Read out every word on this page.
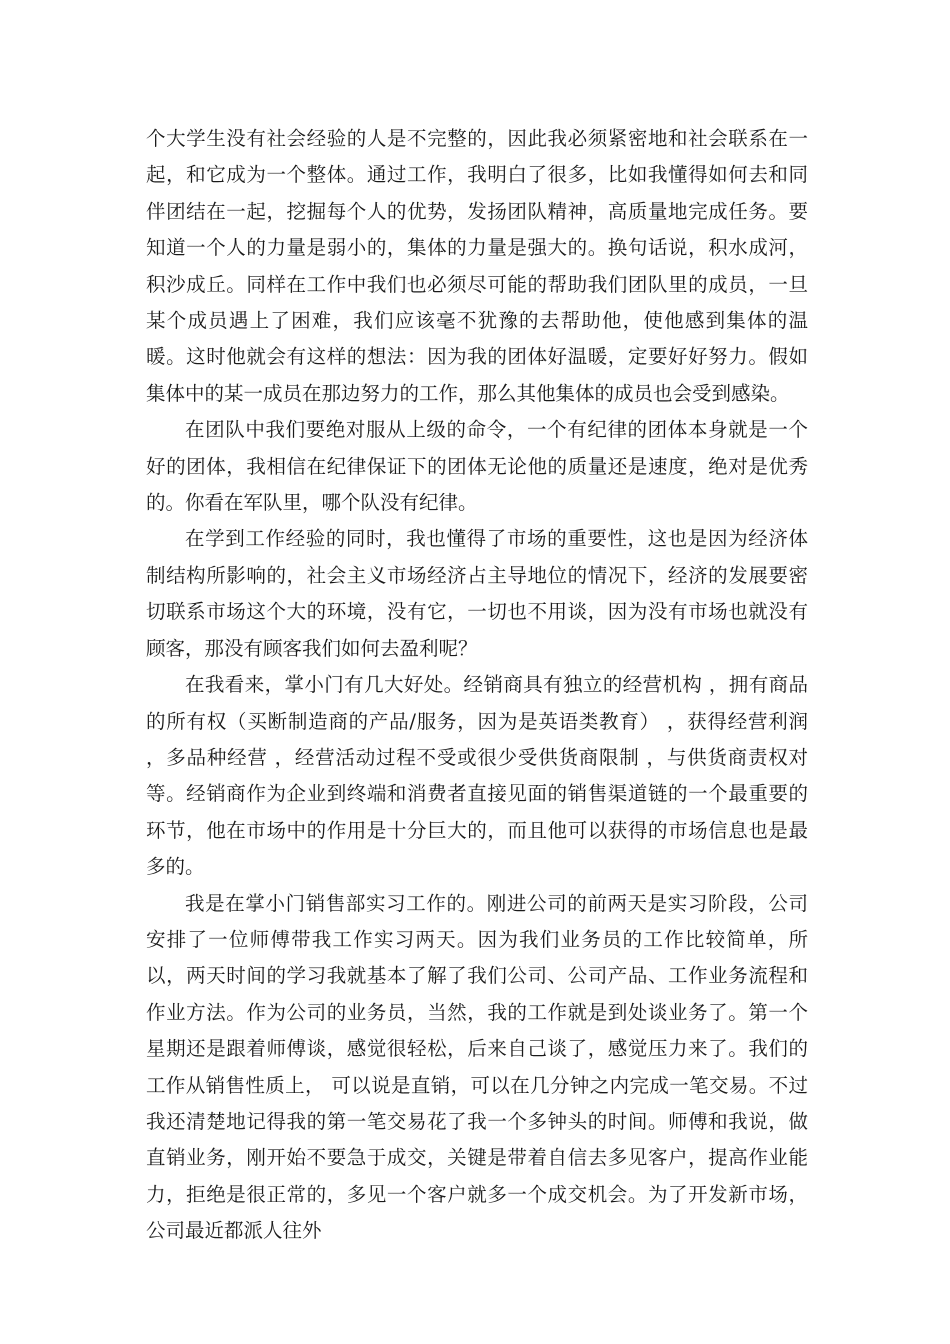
个大学生没有社会经验的人是不完整的，因此我必须紧密地和社会联系在一起，和它成为一个整体。通过工作，我明白了很多，比如我懂得如何去和同伴团结在一起，挖掘每个人的优势，发扬团队精神，高质量地完成任务。要知道一个人的力量是弱小的，集体的力量是强大的。换句话说，积水成河，积沙成丘。同样在工作中我们也必须尽可能的帮助我们团队里的成员，一旦某个成员遇上了困难，我们应该毫不犹豫的去帮助他，使他感到集体的温暖。这时他就会有这样的想法：因为我的团体好温暖，定要好好努力。假如集体中的某一成员在那边努力的工作，那么其他集体的成员也会受到感染。

在团队中我们要绝对服从上级的命令，一个有纪律的团体本身就是一个好的团体，我相信在纪律保证下的团体无论他的质量还是速度，绝对是优秀的。你看在军队里，哪个队没有纪律。

在学到工作经验的同时，我也懂得了市场的重要性，这也是因为经济体制结构所影响的，社会主义市场经济占主导地位的情况下，经济的发展要密切联系市场这个大的环境，没有它，一切也不用谈，因为没有市场也就没有顾客，那没有顾客我们如何去盈利呢？

在我看来，掌小门有几大好处。经销商具有独立的经营机构 ，拥有商品的所有权（买断制造商的产品/服务，因为是英语类教育） ，获得经营利润 ，多品种经营 ，经营活动过程不受或很少受供货商限制 ，与供货商责权对等。经销商作为企业到终端和消费者直接见面的销售渠道链的一个最重要的环节，他在市场中的作用是十分巨大的，而且他可以获得的市场信息也是最多的。

我是在掌小门销售部实习工作的。刚进公司的前两天是实习阶段，公司安排了一位师傅带我工作实习两天。因为我们业务员的工作比较简单，所以，两天时间的学习我就基本了解了我们公司、公司产品、工作业务流程和作业方法。作为公司的业务员，当然，我的工作就是到处谈业务了。第一个星期还是跟着师傅谈，感觉很轻松，后来自己谈了，感觉压力来了。我们的工作从销售性质上， 可以说是直销，可以在几分钟之内完成一笔交易。不过我还清楚地记得我的第一笔交易花了我一个多钟头的时间。师傅和我说，做直销业务，刚开始不要急于成交，关键是带着自信去多见客户，提高作业能力，拒绝是很正常的，多见一个客户就多一个成交机会。为了开发新市场，公司最近都派人往外
